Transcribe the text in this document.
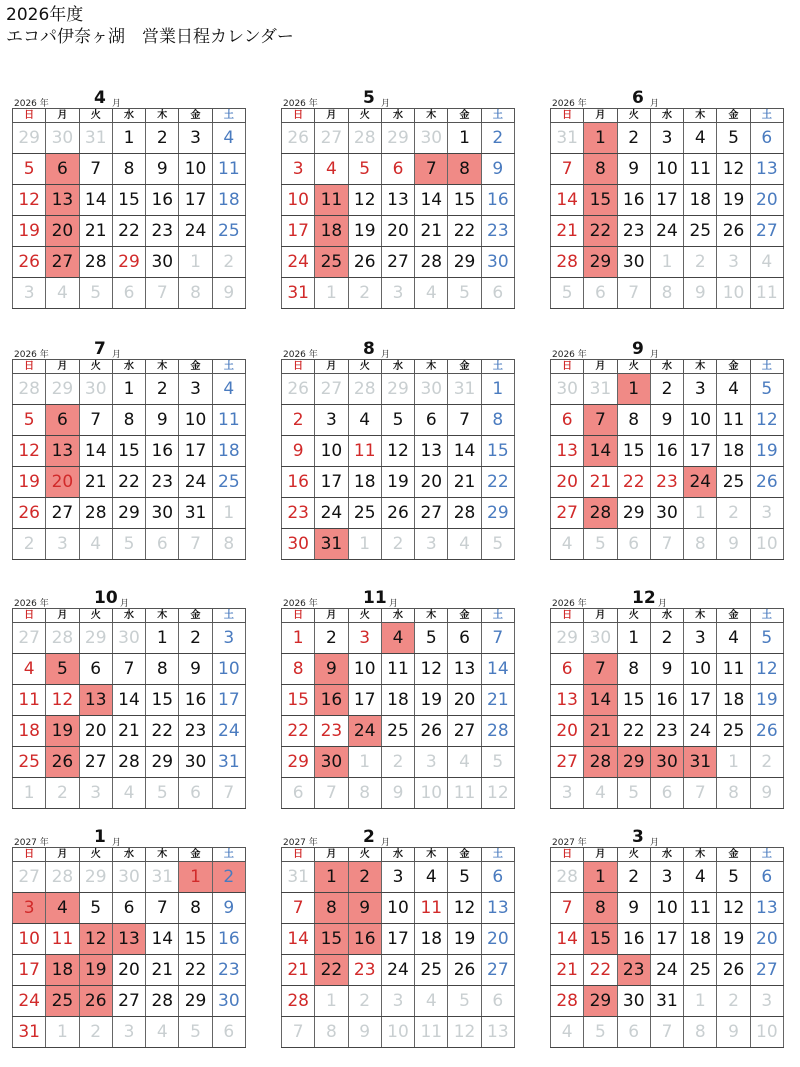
2026年度
エコパ伊奈ヶ湖　営業日程カレンダー
2026 年	4 月
日	月	火	水	木	金	土
29	30	31	1	2	3	4
5	6	7	8	9	10	11
12	13	14	15	16	17	18
19	20	21	22	23	24	25
26	27	28	29	30	1	2
3	4	5	6	7	8	9
2026 年	5 月
日	月	火	水	木	金	土
26	27	28	29	30	1	2
3	4	5	6	7	8	9
10	11	12	13	14	15	16
17	18	19	20	21	22	23
24	25	26	27	28	29	30
31	1	2	3	4	5	6
2026 年	6 月
日	月	火	水	木	金	土
31	1	2	3	4	5	6
7	8	9	10	11	12	13
14	15	16	17	18	19	20
21	22	23	24	25	26	27
28	29	30	1	2	3	4
5	6	7	8	9	10	11
2026 年	7 月
日	月	火	水	木	金	土
28	29	30	1	2	3	4
5	6	7	8	9	10	11
12	13	14	15	16	17	18
19	20	21	22	23	24	25
26	27	28	29	30	31	1
2	3	4	5	6	7	8
2026 年	8 月
日	月	火	水	木	金	土
26	27	28	29	30	31	1
2	3	4	5	6	7	8
9	10	11	12	13	14	15
16	17	18	19	20	21	22
23	24	25	26	27	28	29
30	31	1	2	3	4	5
2026 年	9 月
日	月	火	水	木	金	土
30	31	1	2	3	4	5
6	7	8	9	10	11	12
13	14	15	16	17	18	19
20	21	22	23	24	25	26
27	28	29	30	1	2	3
4	5	6	7	8	9	10
2026 年	10 月
日	月	火	水	木	金	土
27	28	29	30	1	2	3
4	5	6	7	8	9	10
11	12	13	14	15	16	17
18	19	20	21	22	23	24
25	26	27	28	29	30	31
1	2	3	4	5	6	7
2026 年	11 月
日	月	火	水	木	金	土
1	2	3	4	5	6	7
8	9	10	11	12	13	14
15	16	17	18	19	20	21
22	23	24	25	26	27	28
29	30	1	2	3	4	5
6	7	8	9	10	11	12
2026 年	12 月
日	月	火	水	木	金	土
29	30	1	2	3	4	5
6	7	8	9	10	11	12
13	14	15	16	17	18	19
20	21	22	23	24	25	26
27	28	29	30	31	1	2
3	4	5	6	7	8	9
2027 年	1 月
日	月	火	水	木	金	土
27	28	29	30	31	1	2
3	4	5	6	7	8	9
10	11	12	13	14	15	16
17	18	19	20	21	22	23
24	25	26	27	28	29	30
31	1	2	3	4	5	6
2027 年	2 月
日	月	火	水	木	金	土
31	1	2	3	4	5	6
7	8	9	10	11	12	13
14	15	16	17	18	19	20
21	22	23	24	25	26	27
28	1	2	3	4	5	6
7	8	9	10	11	12	13
2027 年	3 月
日	月	火	水	木	金	土
28	1	2	3	4	5	6
7	8	9	10	11	12	13
14	15	16	17	18	19	20
21	22	23	24	25	26	27
28	29	30	31	1	2	3
4	5	6	7	8	9	10
